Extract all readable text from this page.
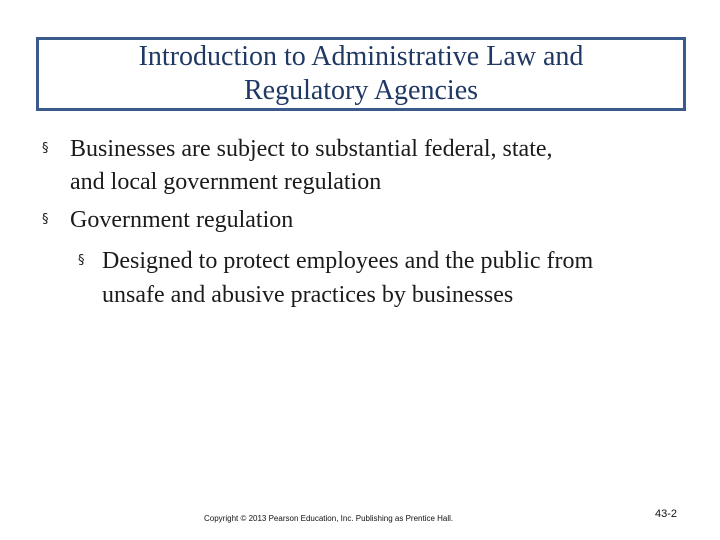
Introduction to Administrative Law and
Regulatory Agencies
§ Businesses are subject to substantial federal, state,
and local government regulation
§ Government regulation
§ Designed to protect employees and the public from
unsafe and abusive practices by businesses
Copyright © 2013 Pearson Education, Inc. Publishing as Prentice Hall.	43-2
